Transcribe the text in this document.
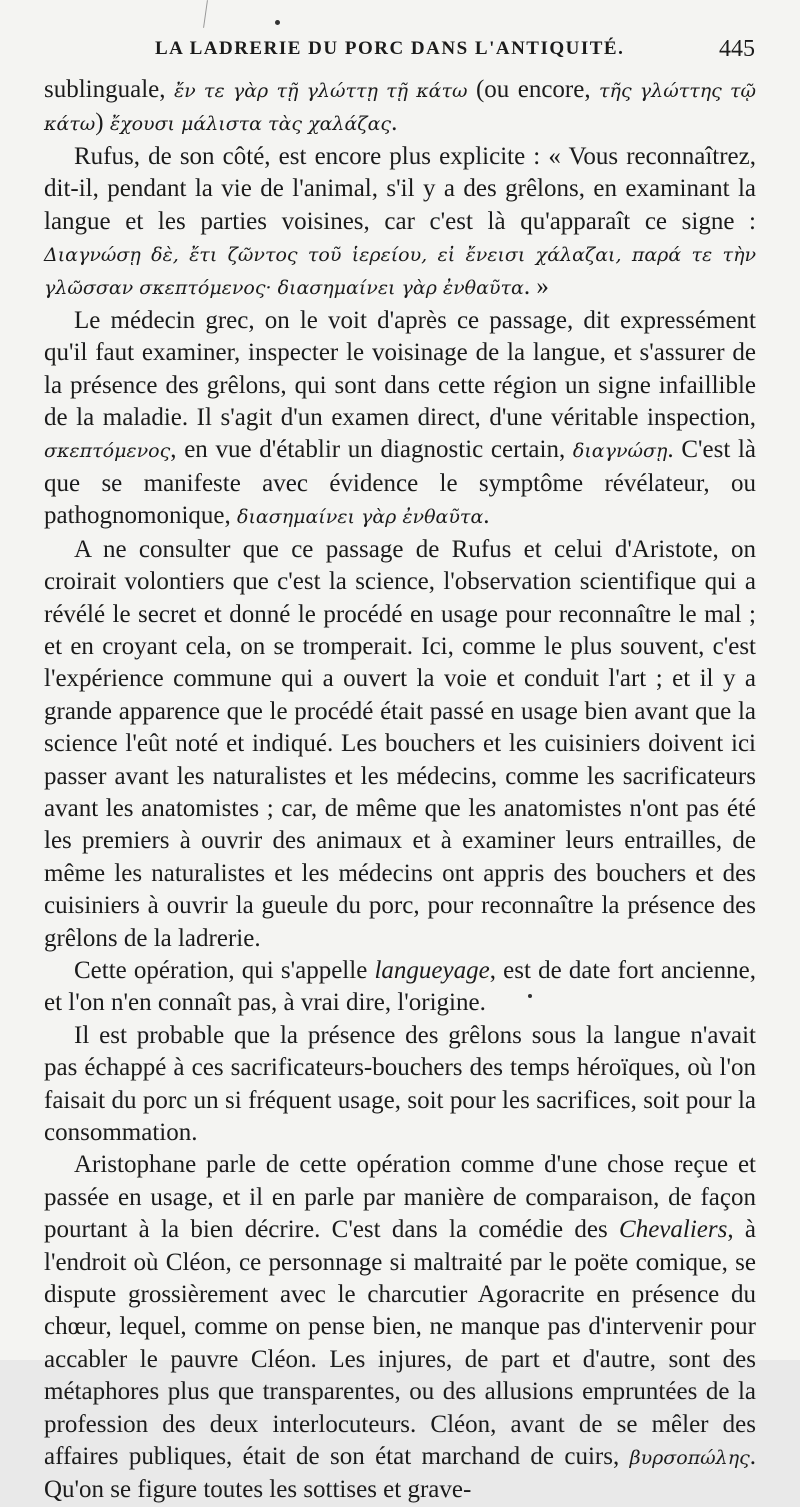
LA LADRERIE DU PORC DANS L'ANTIQUITÉ.	445

sublinguale, ἔν τε γὰρ τῇ γλώττῃ τῇ κάτω (ou encore, τῆς γλώττης τῷ κάτω) ἔχουσι μάλιστα τὰς χαλάζας.

Rufus, de son côté, est encore plus explicite : « Vous reconnaîtrez, dit-il, pendant la vie de l'animal, s'il y a des grêlons, en examinant la langue et les parties voisines, car c'est là qu'apparaît ce signe : Διαγνώσῃ δὲ, ἔτι ζῶντος τοῦ ἱερείου, εἰ ἔνεισι χάλαζαι, παρά τε τὴν γλῶσσαν σκεπτόμενος· διασημαίνει γὰρ ἐνθαῦτα. »

Le médecin grec, on le voit d'après ce passage, dit expressément qu'il faut examiner, inspecter le voisinage de la langue, et s'assurer de la présence des grêlons, qui sont dans cette région un signe infaillible de la maladie. Il s'agit d'un examen direct, d'une véritable inspection, σκεπτόμενος, en vue d'établir un diagnostic certain, διαγνώσῃ. C'est là que se manifeste avec évidence le symptôme révélateur, ou pathognomonique, διασημαίνει γὰρ ἐνθαῦτα.

A ne consulter que ce passage de Rufus et celui d'Aristote, on croirait volontiers que c'est la science, l'observation scientifique qui a révélé le secret et donné le procédé en usage pour reconnaître le mal ; et en croyant cela, on se tromperait. Ici, comme le plus souvent, c'est l'expérience commune qui a ouvert la voie et conduit l'art ; et il y a grande apparence que le procédé était passé en usage bien avant que la science l'eût noté et indiqué. Les bouchers et les cuisiniers doivent ici passer avant les naturalistes et les médecins, comme les sacrificateurs avant les anatomistes ; car, de même que les anatomistes n'ont pas été les premiers à ouvrir des animaux et à examiner leurs entrailles, de même les naturalistes et les médecins ont appris des bouchers et des cuisiniers à ouvrir la gueule du porc, pour reconnaître la présence des grêlons de la ladrerie.

Cette opération, qui s'appelle langueyage, est de date fort ancienne, et l'on n'en connaît pas, à vrai dire, l'origine.

Il est probable que la présence des grêlons sous la langue n'avait pas échappé à ces sacrificateurs-bouchers des temps héroïques, où l'on faisait du porc un si fréquent usage, soit pour les sacrifices, soit pour la consommation.

Aristophane parle de cette opération comme d'une chose reçue et passée en usage, et il en parle par manière de comparaison, de façon pourtant à la bien décrire. C'est dans la comédie des Chevaliers, à l'endroit où Cléon, ce personnage si maltraité par le poëte comique, se dispute grossièrement avec le charcutier Agoracrite en présence du chœur, lequel, comme on pense bien, ne manque pas d'intervenir pour accabler le pauvre Cléon. Les injures, de part et d'autre, sont des métaphores plus que transparentes, ou des allusions empruntées de la profession des deux interlocuteurs. Cléon, avant de se mêler des affaires publiques, était de son état marchand de cuirs, βυρσοπώλης. Qu'on se figure toutes les sottises et grave-
